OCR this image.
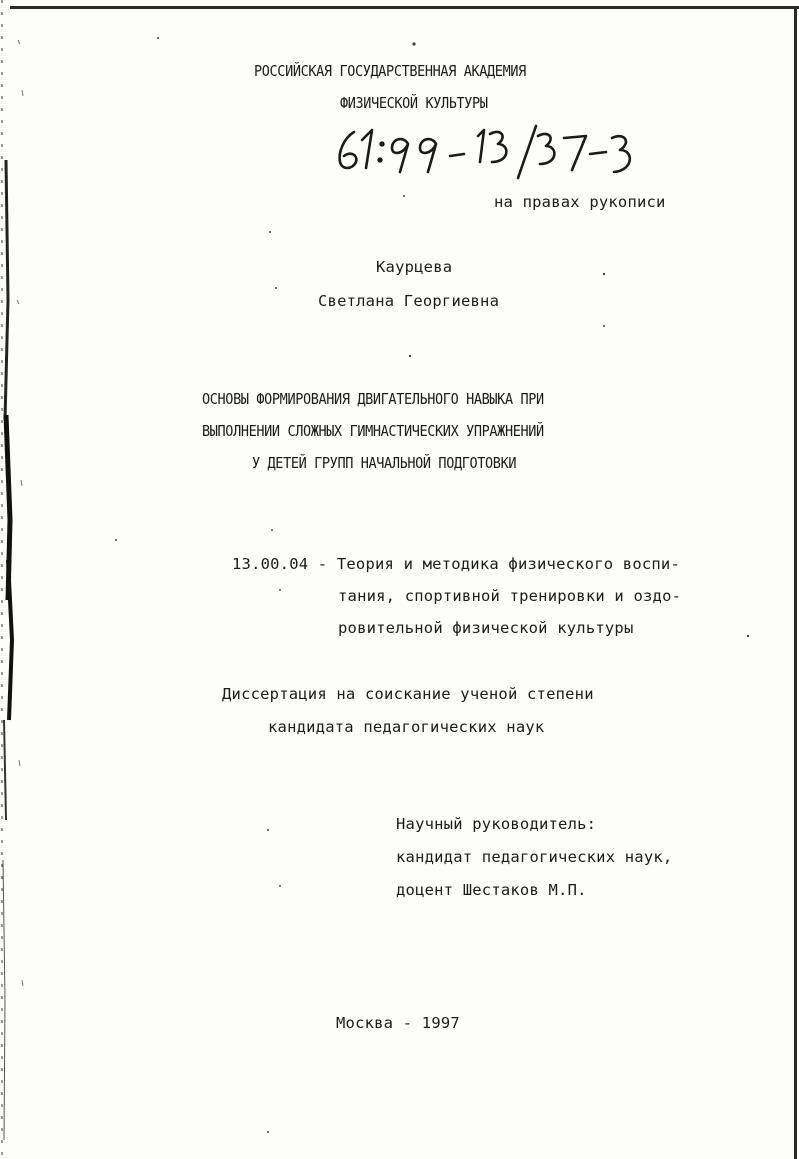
РОССИЙСКАЯ ГОСУДАРСТВЕННАЯ АКАДЕМИЯ
ФИЗИЧЕСКОЙ КУЛЬТУРЫ
на правах рукописи
Каурцева
Светлана Георгиевна
ОСНОВЫ ФОРМИРОВАНИЯ ДВИГАТЕЛЬНОГО НАВЫКА ПРИ
ВЫПОЛНЕНИИ СЛОЖНЫХ ГИМНАСТИЧЕСКИХ УПРАЖНЕНИЙ
У ДЕТЕЙ ГРУПП НАЧАЛЬНОЙ ПОДГОТОВКИ
13.00.04 - Теория и методика физического воспи-
тания, спортивной тренировки и оздо-
ровительной физической культуры
Диссертация на соискание ученой степени
кандидата педагогических наук
Научный руководитель:
кандидат педагогических наук,
доцент Шестаков М.П.
Москва - 1997
